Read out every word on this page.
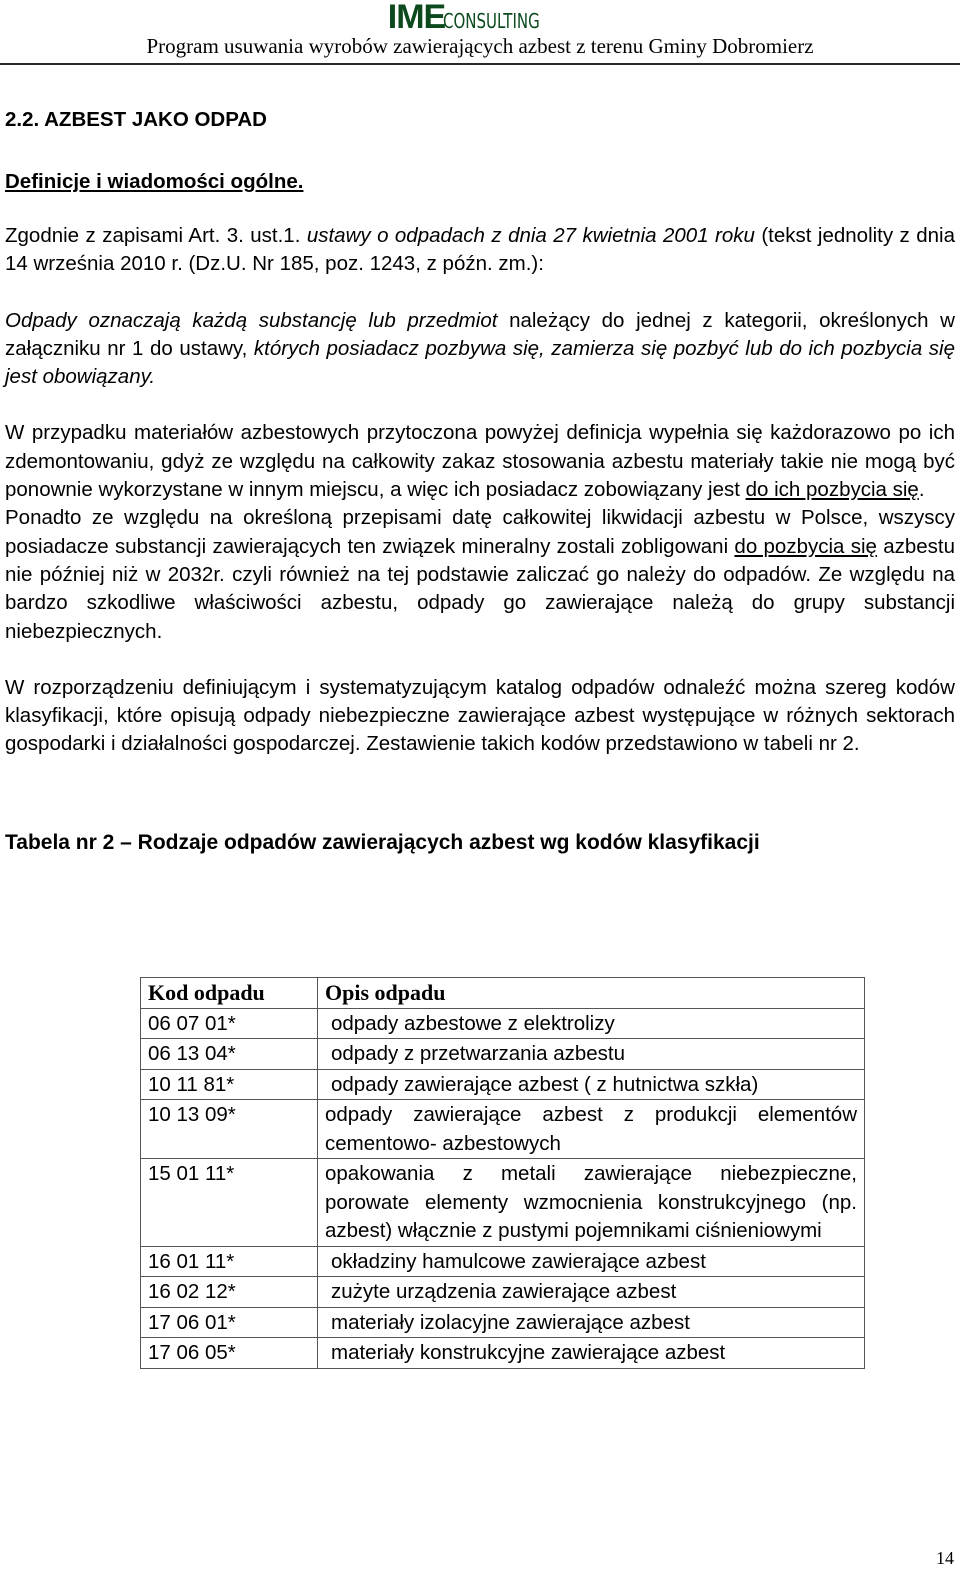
IMECONSULTING
Program usuwania wyrobów zawierających azbest z terenu Gminy Dobromierz

2.2. AZBEST JAKO ODPAD

Definicje i wiadomości ogólne.

Zgodnie z zapisami Art. 3. ust.1. ustawy o odpadach z dnia 27 kwietnia 2001 roku (tekst jednolity z dnia 14 września 2010 r. (Dz.U. Nr 185, poz. 1243, z późn. zm.):

Odpady oznaczają każdą substancję lub przedmiot należący do jednej z kategorii, określonych w załączniku nr 1 do ustawy, których posiadacz pozbywa się, zamierza się pozbyć lub do ich pozbycia się jest obowiązany.

W przypadku materiałów azbestowych przytoczona powyżej definicja wypełnia się każdorazowo po ich zdemontowaniu, gdyż ze względu na całkowity zakaz stosowania azbestu materiały takie nie mogą być ponownie wykorzystane w innym miejscu, a więc ich posiadacz zobowiązany jest do ich pozbycia się.

Ponadto ze względu na określoną przepisami datę całkowitej likwidacji azbestu w Polsce, wszyscy posiadacze substancji zawierających ten związek mineralny zostali zobligowani do pozbycia się azbestu nie później niż w 2032r. czyli również na tej podstawie zaliczać go należy do odpadów. Ze względu na bardzo szkodliwe właściwości azbestu, odpady go zawierające należą do grupy substancji niebezpiecznych.

W rozporządzeniu definiującym i systematyzującym katalog odpadów odnaleźć można szereg kodów klasyfikacji, które opisują odpady niebezpieczne zawierające azbest występujące w różnych sektorach gospodarki i działalności gospodarczej. Zestawienie takich kodów przedstawiono w tabeli nr 2.

Tabela nr 2 – Rodzaje odpadów zawierających azbest wg kodów klasyfikacji

Kod odpadu	Opis odpadu
06 07 01*	odpady azbestowe z elektrolizy
06 13 04*	odpady z przetwarzania azbestu
10 11 81*	odpady zawierające azbest ( z hutnictwa szkła)
10 13 09*	odpady zawierające azbest z produkcji elementów cementowo- azbestowych
15 01 11*	opakowania z metali zawierające niebezpieczne, porowate elementy wzmocnienia konstrukcyjnego (np. azbest) włącznie z pustymi pojemnikami ciśnieniowymi
16 01 11*	okładziny hamulcowe zawierające azbest
16 02 12*	zużyte urządzenia zawierające azbest
17 06 01*	materiały izolacyjne zawierające azbest
17 06 05*	materiały konstrukcyjne zawierające azbest
14
